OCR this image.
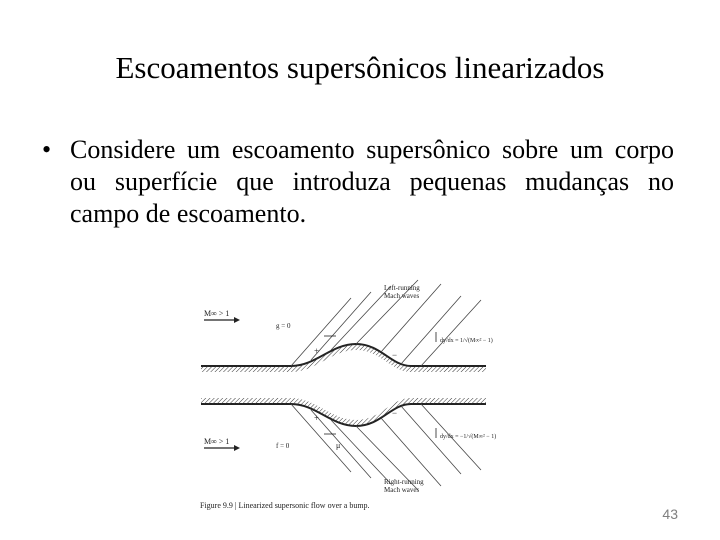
Escoamentos supersônicos linearizados
• Considere um escoamento supersônico sobre um corpo ou superfície que introduza pequenas mudanças no campo de escoamento.
M∞ > 1
g = 0
Left-running
Mach waves
dy/dx = 1/√(M∞² − 1)
+	−
+	−
M∞ > 1	f = 0	μ
dy/dx = −1/√(M∞² − 1)
Right-running
Mach waves
Figure 9.9 | Linearized supersonic flow over a bump.
43
